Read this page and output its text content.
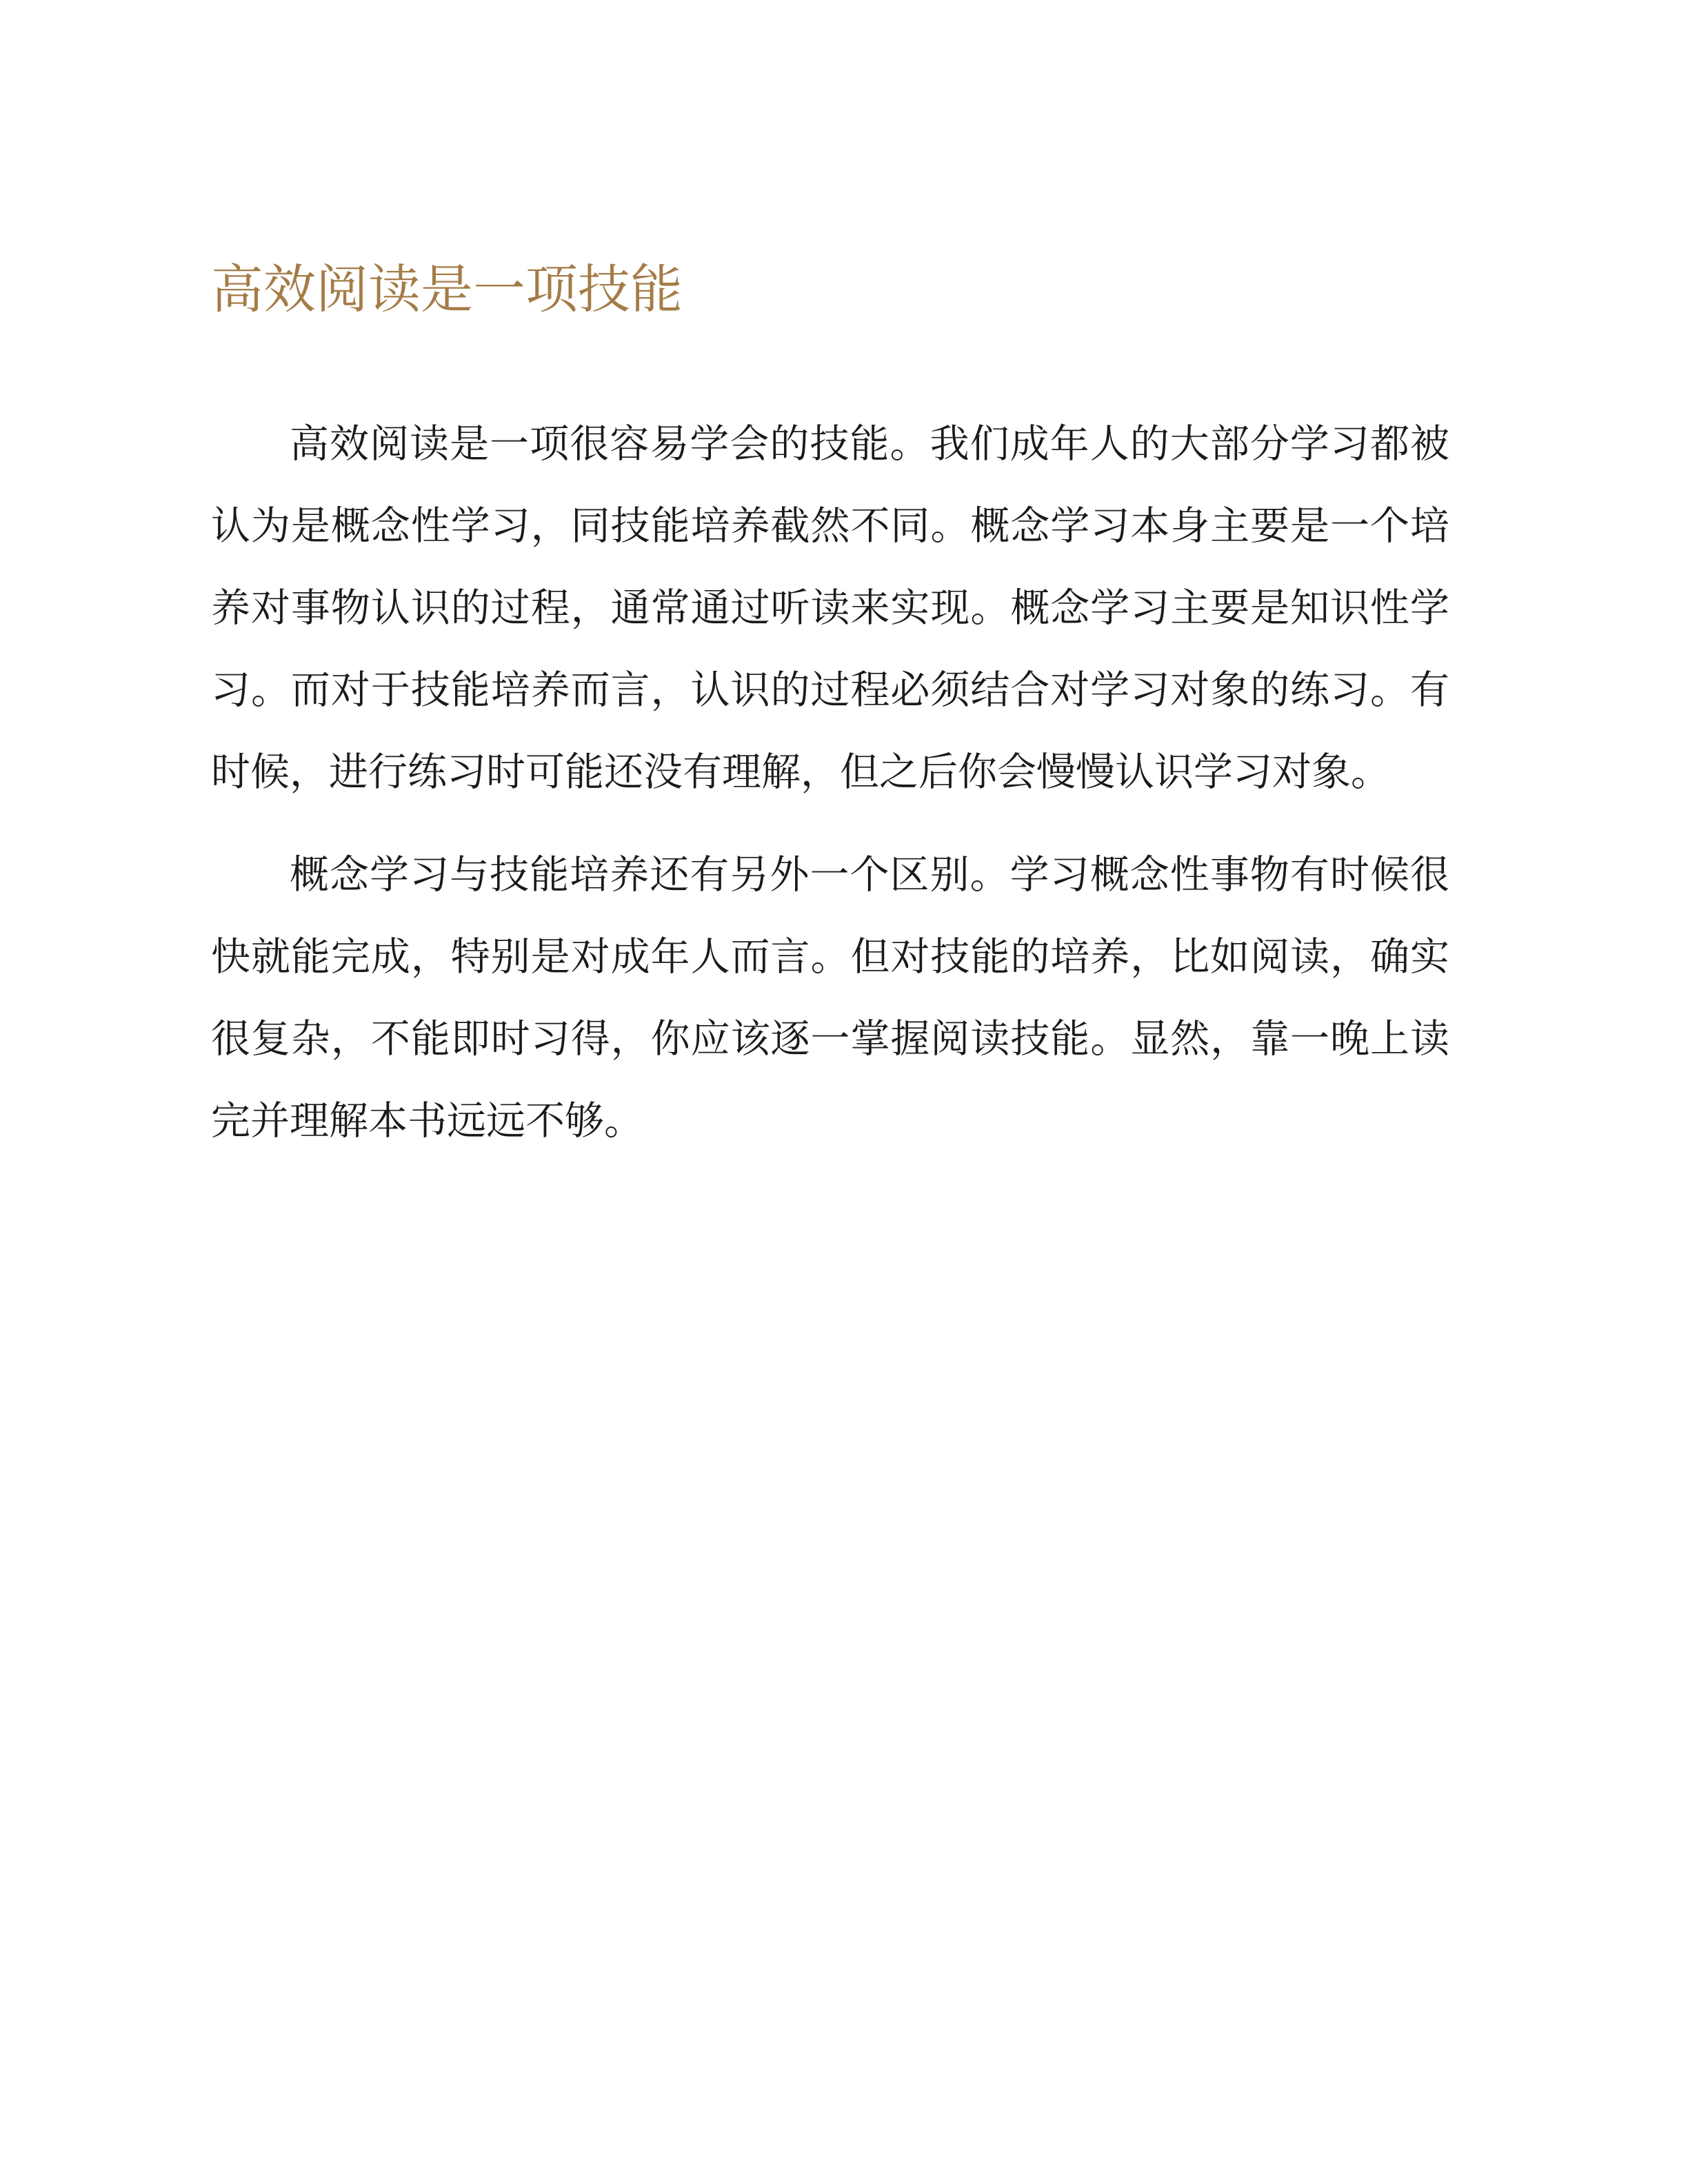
高效阅读是一项技能

高效阅读是一项很容易学会的技能。我们成年人的大部分学习都被认为是概念性学习，同技能培养截然不同。概念学习本身主要是一个培养对事物认识的过程，通常通过听读来实现。概念学习主要是知识性学习。而对于技能培养而言，认识的过程必须结合对学习对象的练习。有时候，进行练习时可能还没有理解，但之后你会慢慢认识学习对象。

概念学习与技能培养还有另外一个区别。学习概念性事物有时候很快就能完成，特别是对成年人而言。但对技能的培养，比如阅读，确实很复杂，不能即时习得，你应该逐一掌握阅读技能。显然，靠一晚上读完并理解本书远远不够。
